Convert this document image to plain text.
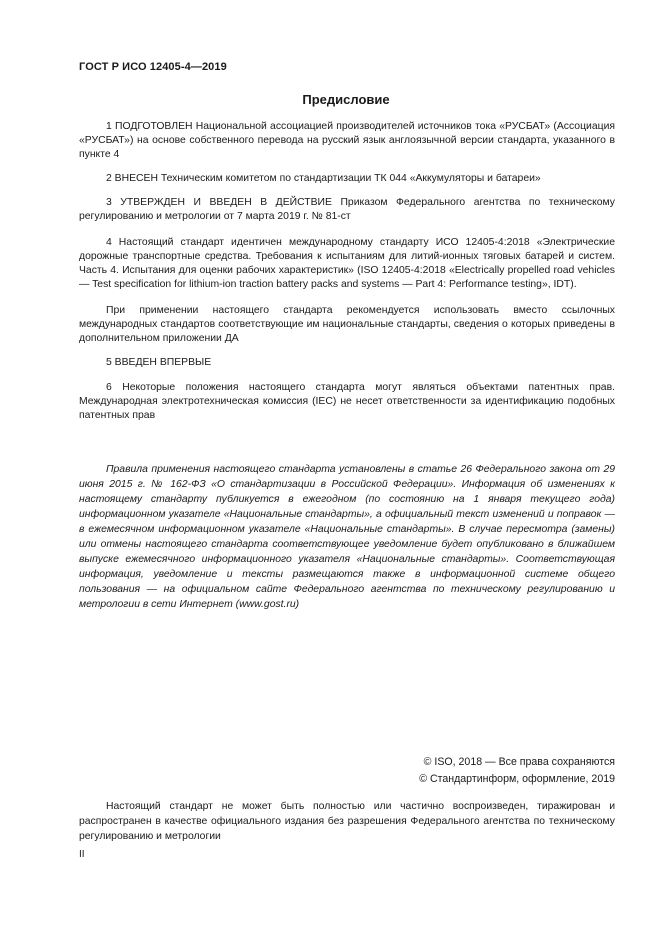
ГОСТ Р ИСО 12405-4—2019
Предисловие

1 ПОДГОТОВЛЕН Национальной ассоциацией производителей источников тока «РУСБАТ» (Ассоциация «РУСБАТ») на основе собственного перевода на русский язык англоязычной версии стандарта, указанного в пункте 4

2 ВНЕСЕН Техническим комитетом по стандартизации ТК 044 «Аккумуляторы и батареи»

3 УТВЕРЖДЕН И ВВЕДЕН В ДЕЙСТВИЕ Приказом Федерального агентства по техническому регулированию и метрологии от 7 марта 2019 г. № 81-ст

4 Настоящий стандарт идентичен международному стандарту ИСО 12405-4:2018 «Электрические дорожные транспортные средства. Требования к испытаниям для литий-ионных тяговых батарей и систем. Часть 4. Испытания для оценки рабочих характеристик» (ISO 12405-4:2018 «Electrically propelled road vehicles — Test specification for lithium-ion traction battery packs and systems — Part 4: Performance testing», IDT).

При применении настоящего стандарта рекомендуется использовать вместо ссылочных международных стандартов соответствующие им национальные стандарты, сведения о которых приведены в дополнительном приложении ДА

5 ВВЕДЕН ВПЕРВЫЕ

6 Некоторые положения настоящего стандарта могут являться объектами патентных прав. Международная электротехническая комиссия (IEC) не несет ответственности за идентификацию подобных патентных прав

Правила применения настоящего стандарта установлены в статье 26 Федерального закона от 29 июня 2015 г. № 162-ФЗ «О стандартизации в Российской Федерации». Информация об изменениях к настоящему стандарту публикуется в ежегодном (по состоянию на 1 января текущего года) информационном указателе «Национальные стандарты», а официальный текст изменений и поправок — в ежемесячном информационном указателе «Национальные стандарты». В случае пересмотра (замены) или отмены настоящего стандарта соответствующее уведомление будет опубликовано в ближайшем выпуске ежемесячного информационного указателя «Национальные стандарты». Соответствующая информация, уведомление и тексты размещаются также в информационной системе общего пользования — на официальном сайте Федерального агентства по техническому регулированию и метрологии в сети Интернет (www.gost.ru)

© ISO, 2018 — Все права сохраняются
© Стандартинформ, оформление, 2019

Настоящий стандарт не может быть полностью или частично воспроизведен, тиражирован и распространен в качестве официального издания без разрешения Федерального агентства по техническому регулированию и метрологии

II
